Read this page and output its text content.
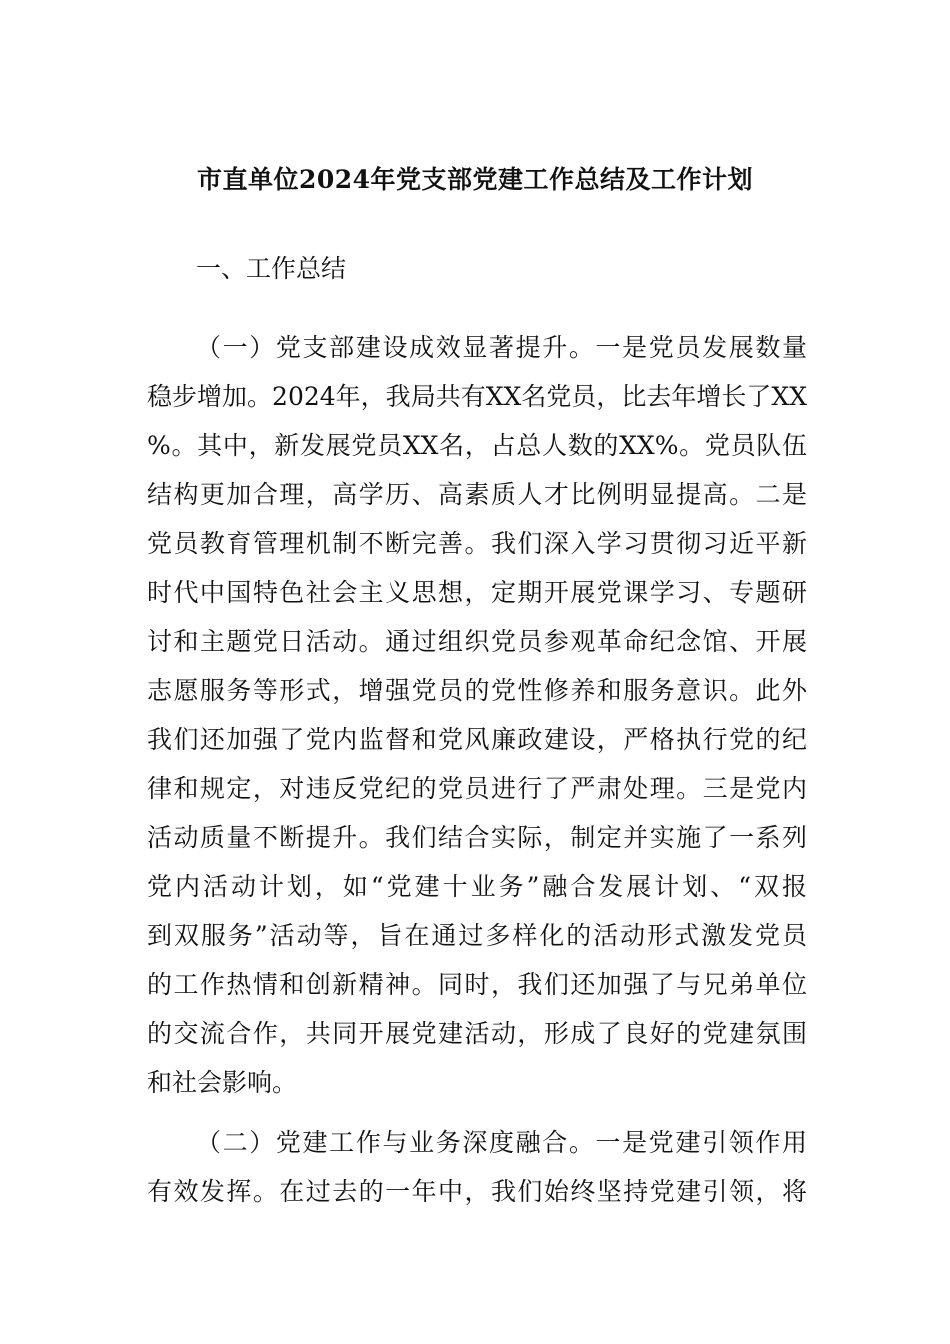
市直单位2024年党支部党建工作总结及工作计划
一、工作总结
（一）党支部建设成效显著提升。一是党员发展数量
稳步增加。2024年，我局共有XX名党员，比去年增长了XX
%。其中，新发展党员XX名，占总人数的XX%。党员队伍
结构更加合理，高学历、高素质人才比例明显提高。二是
党员教育管理机制不断完善。我们深入学习贯彻习近平新
时代中国特色社会主义思想，定期开展党课学习、专题研
讨和主题党日活动。通过组织党员参观革命纪念馆、开展
志愿服务等形式，增强党员的党性修养和服务意识。此外
我们还加强了党内监督和党风廉政建设，严格执行党的纪
律和规定，对违反党纪的党员进行了严肃处理。三是党内
活动质量不断提升。我们结合实际，制定并实施了一系列
党内活动计划，如“党建十业务”融合发展计划、“双报
到双服务”活动等，旨在通过多样化的活动形式激发党员
的工作热情和创新精神。同时，我们还加强了与兄弟单位
的交流合作，共同开展党建活动，形成了良好的党建氛围
和社会影响。
（二）党建工作与业务深度融合。一是党建引领作用
有效发挥。在过去的一年中，我们始终坚持党建引领，将
